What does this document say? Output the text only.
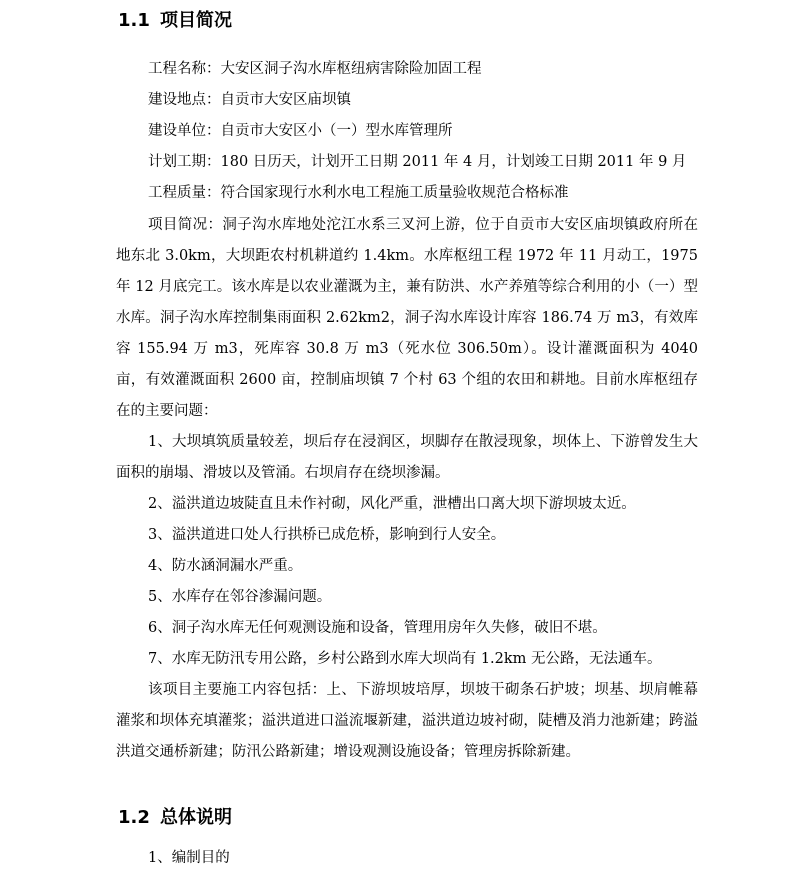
1.1 项目简况
工程名称：大安区洞子沟水库枢纽病害除险加固工程
建设地点：自贡市大安区庙坝镇
建设单位：自贡市大安区小（一）型水库管理所
计划工期：180 日历天，计划开工日期 2011 年 4 月，计划竣工日期 2011 年 9 月
工程质量：符合国家现行水利水电工程施工质量验收规范合格标准
项目简况：洞子沟水库地处沱江水系三叉河上游，位于自贡市大安区庙坝镇政府所在地东北 3.0km，大坝距农村机耕道约 1.4km。水库枢纽工程 1972 年 11 月动工，1975 年 12 月底完工。该水库是以农业灌溉为主，兼有防洪、水产养殖等综合利用的小（一）型水库。洞子沟水库控制集雨面积 2.62km2，洞子沟水库设计库容 186.74 万 m3，有效库容 155.94 万 m3，死库容 30.8 万 m3（死水位 306.50m）。设计灌溉面积为 4040 亩，有效灌溉面积 2600 亩，控制庙坝镇 7 个村 63 个组的农田和耕地。目前水库枢纽存在的主要问题：
1、大坝填筑质量较差，坝后存在浸润区，坝脚存在散浸现象，坝体上、下游曾发生大面积的崩塌、滑坡以及管涌。右坝肩存在绕坝渗漏。
2、溢洪道边坡陡直且未作衬砌，风化严重，泄槽出口离大坝下游坝坡太近。
3、溢洪道进口处人行拱桥已成危桥，影响到行人安全。
4、防水涵洞漏水严重。
5、水库存在邻谷渗漏问题。
6、洞子沟水库无任何观测设施和设备，管理用房年久失修，破旧不堪。
7、水库无防汛专用公路，乡村公路到水库大坝尚有 1.2km 无公路，无法通车。
该项目主要施工内容包括：上、下游坝坡培厚，坝坡干砌条石护坡；坝基、坝肩帷幕灌浆和坝体充填灌浆；溢洪道进口溢流堰新建，溢洪道边坡衬砌，陡槽及消力池新建；跨溢洪道交通桥新建；防汛公路新建；增设观测设施设备；管理房拆除新建。
1.2 总体说明
1、编制目的
